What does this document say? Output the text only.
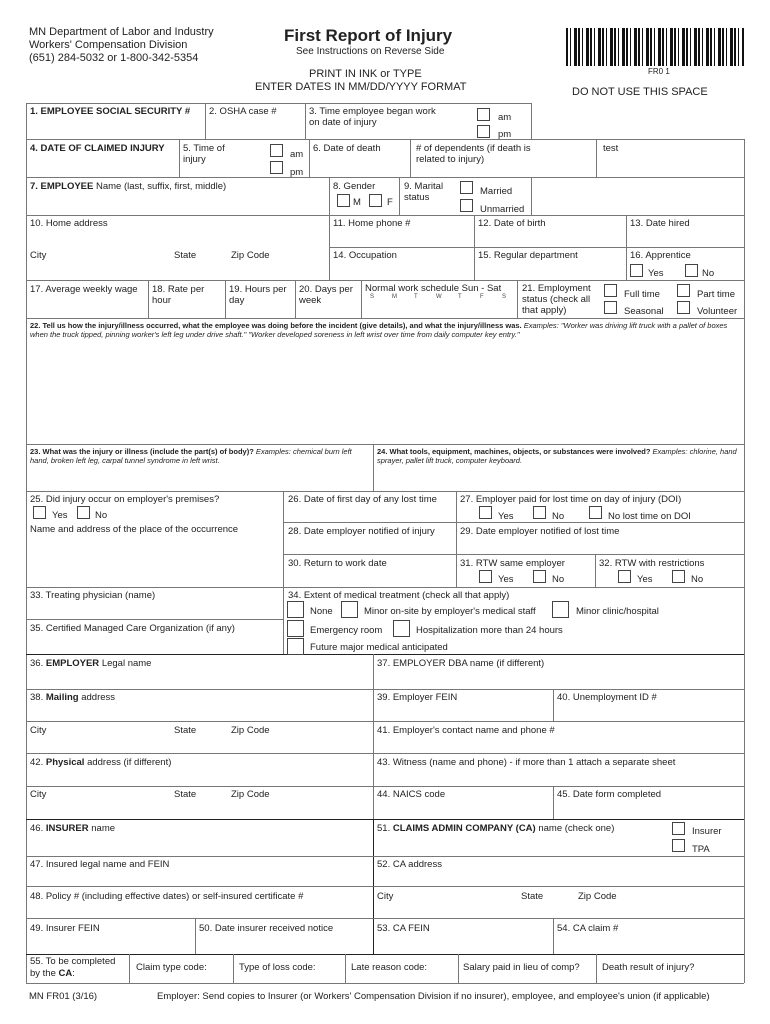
MN Department of Labor and Industry
Workers' Compensation Division
(651) 284-5032 or 1-800-342-5354
First Report of Injury
See Instructions on Reverse Side
PRINT IN INK or TYPE
ENTER DATES IN MM/DD/YYYY FORMAT
FR0 1
DO NOT USE THIS SPACE
1. EMPLOYEE SOCIAL SECURITY # 2. OSHA case #	3. Time employee began work on date of injury	am
pm
4. DATE OF CLAIMED INJURY 5. Time of injury	am
pm
6. Date of death	# of dependents (if death is related to injury)
test
7. EMPLOYEE Name (last, suffix, first, middle)	8. Gender
M	F
9. Marital status
Married
Unmarried
10. Home address	11. Home phone #	12. Date of birth	13. Date hired
City	State	Zip Code	14. Occupation	15. Regular department	16. Apprentice
Yes	No
17. Average weekly wage 18. Rate per hour
19. Hours per day
20. Days per week
Normal work schedule Sun - Sat
S	M	T	W	T	F	S
21. Employment status (check all that apply)
Full time	Part time
Seasonal	Volunteer
22. Tell us how the injury/illness occurred, what the employee was doing before the incident (give details), and what the injury/illness was. Examples: "Worker was driving lift truck with a pallet of boxes when the truck tipped, pinning worker's left leg under drive shaft." "Worker developed soreness in left wrist over time from daily computer key entry."
23. What was the injury or illness (include the part(s) of body)? Examples: chemical burn left hand, broken left leg, carpal tunnel syndrome in left wrist.
24. What tools, equipment, machines, objects, or substances were involved? Examples: chlorine, hand sprayer, pallet lift truck, computer keyboard.
25. Did injury occur on employer's premises?
Yes	No
Name and address of the place of the occurrence
26. Date of first day of any lost time 27. Employer paid for lost time on day of injury (DOI)
Yes	No	No lost time on DOI
28. Date employer notified of injury	29. Date employer notified of lost time
30. Return to work date	31. RTW same employer
Yes	No
32. RTW with restrictions
Yes	No
33. Treating physician (name)
35. Certified Managed Care Organization (if any)
34. Extent of medical treatment (check all that apply)
None	Minor on-site by employer's medical staff	Minor clinic/hospital
Emergency room	Hospitalization more than 24 hours
Future major medical anticipated
36. EMPLOYER Legal name	37. EMPLOYER DBA name (if different)
38. Mailing address	39. Employer FEIN	40. Unemployment ID #
City	State	Zip Code	41. Employer's contact name and phone #
42. Physical address (if different)	43. Witness (name and phone) - if more than 1 attach a separate sheet
City	State	Zip Code	44. NAICS code	45. Date form completed
46. INSURER name	51. CLAIMS ADMIN COMPANY (CA) name (check one)	Insurer
TPA
47. Insured legal name and FEIN	52. CA address
48. Policy # (including effective dates) or self-insured certificate #	City	State	Zip Code
49. Insurer FEIN	50. Date insurer received notice	53. CA FEIN	54. CA claim #
55. To be completed
by the CA:
Claim type code:	Type of loss code:	Late reason code:	Salary paid in lieu of comp? Death result of injury?
MN FR01 (3/16)	Employer: Send copies to Insurer (or Workers' Compensation Division if no insurer), employee, and employee's union (if applicable)
